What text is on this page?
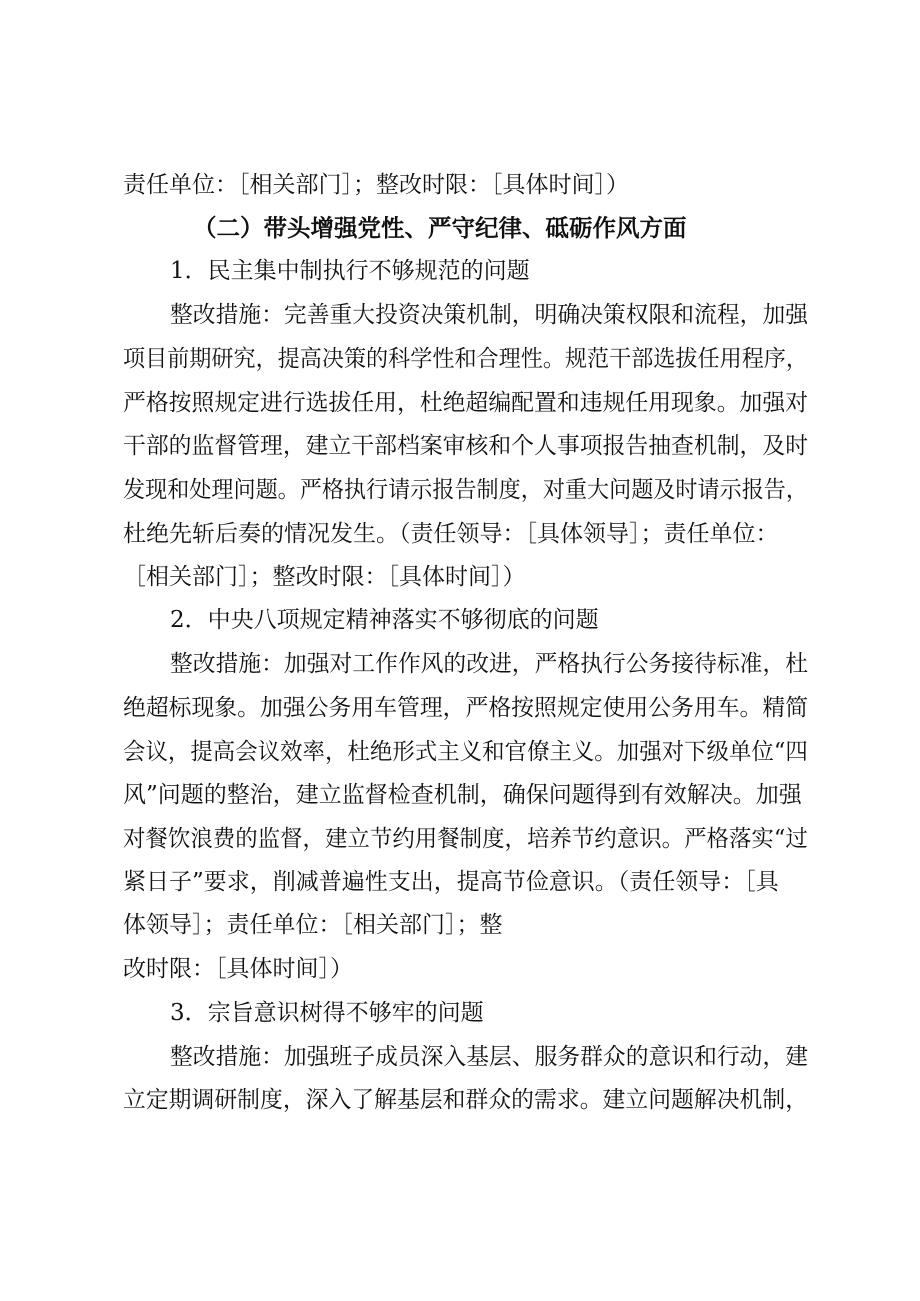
责任单位：［相关部门］；整改时限：［具体时间］）
（二）带头增强党性、严守纪律、砥砺作风方面
1．民主集中制执行不够规范的问题
整改措施：完善重大投资决策机制，明确决策权限和流程，加强
项目前期研究，提高决策的科学性和合理性。规范干部选拔任用程序，
严格按照规定进行选拔任用，杜绝超编配置和违规任用现象。加强对
干部的监督管理，建立干部档案审核和个人事项报告抽查机制，及时
发现和处理问题。严格执行请示报告制度，对重大问题及时请示报告，
杜绝先斩后奏的情况发生。（责任领导：［具体领导］；责任单位：
［相关部门］；整改时限：［具体时间］）
2．中央八项规定精神落实不够彻底的问题
整改措施：加强对工作作风的改进，严格执行公务接待标准，杜
绝超标现象。加强公务用车管理，严格按照规定使用公务用车。精简
会议，提高会议效率，杜绝形式主义和官僚主义。加强对下级单位“四
风”问题的整治，建立监督检查机制，确保问题得到有效解决。加强
对餐饮浪费的监督，建立节约用餐制度，培养节约意识。严格落实“过
紧日子”要求，削减普遍性支出，提高节俭意识。（责任领导：［具
体领导］；责任单位：［相关部门］；整
改时限：［具体时间］）
3．宗旨意识树得不够牢的问题
整改措施：加强班子成员深入基层、服务群众的意识和行动，建
立定期调研制度，深入了解基层和群众的需求。建立问题解决机制，
